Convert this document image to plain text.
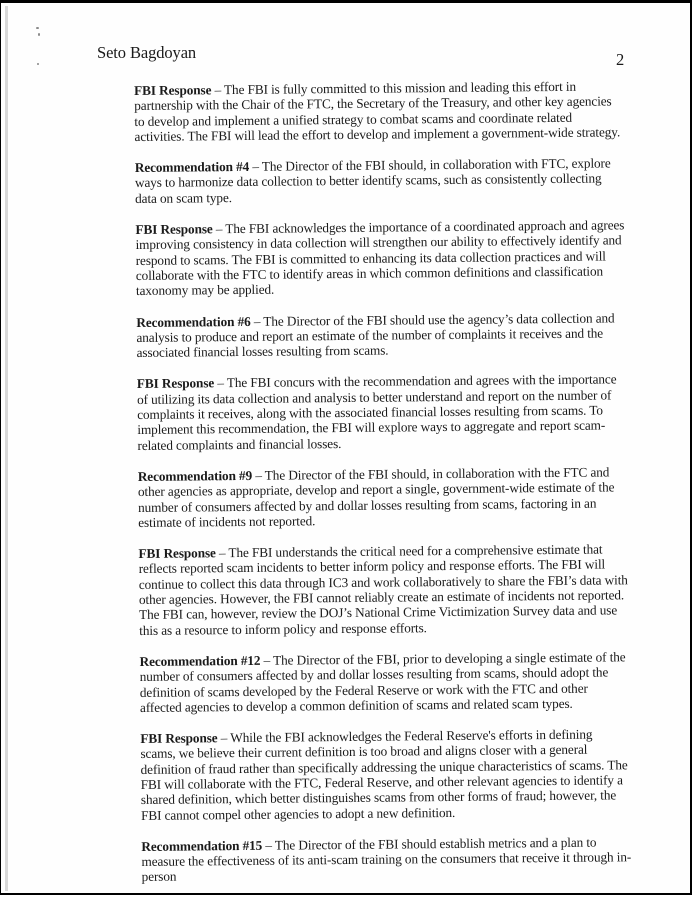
Seto Bagdoyan	2

FBI Response – The FBI is fully committed to this mission and leading this effort in partnership with the Chair of the FTC, the Secretary of the Treasury, and other key agencies to develop and implement a unified strategy to combat scams and coordinate related activities. The FBI will lead the effort to develop and implement a government-wide strategy.

Recommendation #4 – The Director of the FBI should, in collaboration with FTC, explore ways to harmonize data collection to better identify scams, such as consistently collecting data on scam type.

FBI Response – The FBI acknowledges the importance of a coordinated approach and agrees improving consistency in data collection will strengthen our ability to effectively identify and respond to scams. The FBI is committed to enhancing its data collection practices and will collaborate with the FTC to identify areas in which common definitions and classification taxonomy may be applied.

Recommendation #6 – The Director of the FBI should use the agency’s data collection and analysis to produce and report an estimate of the number of complaints it receives and the associated financial losses resulting from scams.

FBI Response – The FBI concurs with the recommendation and agrees with the importance of utilizing its data collection and analysis to better understand and report on the number of complaints it receives, along with the associated financial losses resulting from scams. To implement this recommendation, the FBI will explore ways to aggregate and report scam-related complaints and financial losses.

Recommendation #9 – The Director of the FBI should, in collaboration with the FTC and other agencies as appropriate, develop and report a single, government-wide estimate of the number of consumers affected by and dollar losses resulting from scams, factoring in an estimate of incidents not reported.

FBI Response – The FBI understands the critical need for a comprehensive estimate that reflects reported scam incidents to better inform policy and response efforts. The FBI will continue to collect this data through IC3 and work collaboratively to share the FBI’s data with other agencies. However, the FBI cannot reliably create an estimate of incidents not reported. The FBI can, however, review the DOJ’s National Crime Victimization Survey data and use this as a resource to inform policy and response efforts.

Recommendation #12 – The Director of the FBI, prior to developing a single estimate of the number of consumers affected by and dollar losses resulting from scams, should adopt the definition of scams developed by the Federal Reserve or work with the FTC and other affected agencies to develop a common definition of scams and related scam types.

FBI Response – While the FBI acknowledges the Federal Reserve's efforts in defining scams, we believe their current definition is too broad and aligns closer with a general definition of fraud rather than specifically addressing the unique characteristics of scams. The FBI will collaborate with the FTC, Federal Reserve, and other relevant agencies to identify a shared definition, which better distinguishes scams from other forms of fraud; however, the FBI cannot compel other agencies to adopt a new definition.

Recommendation #15 – The Director of the FBI should establish metrics and a plan to measure the effectiveness of its anti-scam training on the consumers that receive it through in-person
